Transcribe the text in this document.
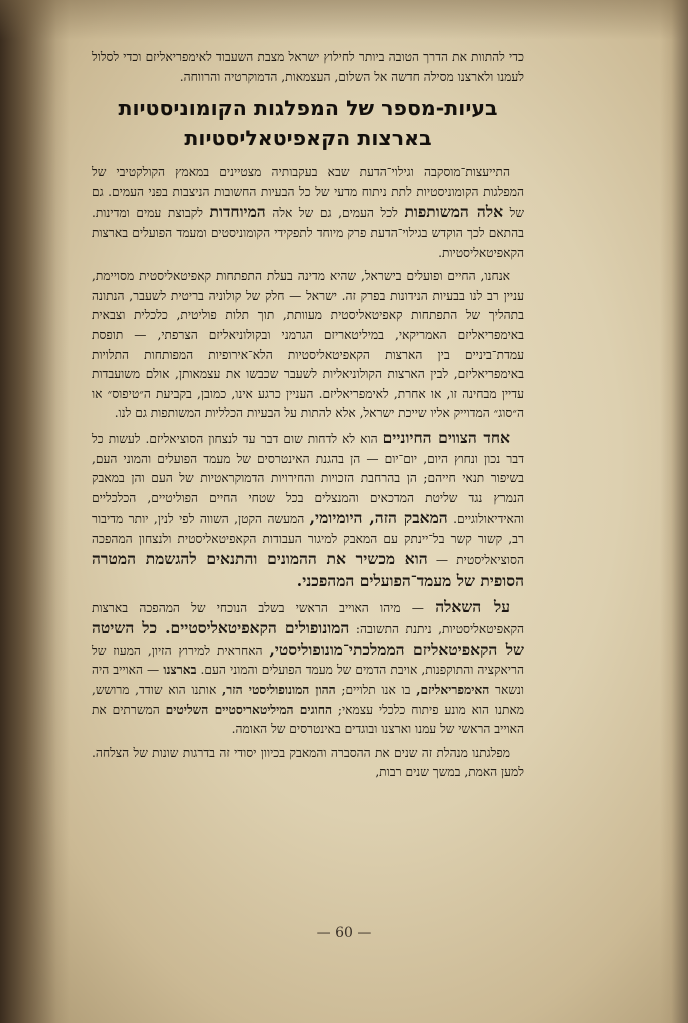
כדי להתוות את הדרך הטובה ביותר לחילוץ ישראל מצבת השעבוד לאימפריאליזם וכדי לסלול לעמנו ולארצנו מסילה חדשה אל השלום, העצמאות, הדמוקרטיה והרווחה.

בעיות-מספר של המפלגות הקומוניסטיות
בארצות הקאפיטאליסטיות

התייעצות־מוסקבה וגילוי־הדעת שבא בעקבותיה מצטיינים במאמץ הקולקטיבי של המפלגות הקומוניסטיות לתת ניתוח מדעי של כל הבעיות החשובות הניצבות בפני העמים. גם של אלה המשותפות לכל העמים, גם של אלה המיוחדות לקבוצת עמים ומדינות. בהתאם לכך הוקדש בגילוי־הדעת פרק מיוחד לתפקידי הקומוניסטים ומעמד הפועלים בארצות הקאפיטאליסטיות.

אנחנו, החיים ופועלים בישראל, שהיא מדינה בעלת התפתחות קאפיטאליסטית מסויימת, עניין רב לנו בבעיות הנידונות בפרק זה. ישראל — חלק של קולוניה בריטית לשעבר, הנתונה בתהליך של התפתחות קאפיטאליסטית מעוותת, תוך תלות פוליטית, כלכלית וצבאית באימפריאליזם האמריקאי, במיליטאריזם הגרמני ובקולוניאליזם הצרפתי, — תופסת עמדת־ביניים בין הארצות הקאפיטאליסטיות הלא־אירופיות המפותחות התלויות באימפריאליזם, לבין הארצות הקולוניאליות לשעבר שכבשו את עצמאותן, אולם משועבדות עדיין מבחינה זו, או אחרת, לאימפריאליזם. העניין כרגע אינו, כמובן, בקביעת ה״טיפוס״ או ה״סוג״ המדוייק אליו שייכת ישראל, אלא להתות על הבעיות הכלליות המשותפות גם לנו.

אחד הצווים החיוניים הוא לא לדחות שום דבר עד לנצחון הסוציאליזם. לעשות כל דבר נכון ונחוץ היום, יום־יום — הן בהגנת האינטרסים של מעמד הפועלים והמוני העם, בשיפור תנאי חייהם; הן בהרחבת הזכויות והחירויות הדמוקראטיות של העם והן במאבק הנמרץ נגד שליטת המדכאים והמנצלים בכל שטחי החיים הפוליטיים, הכלכליים והאידיאולוגיים. המאבק הזה, היומיומי, המעשה הקטן, השווה לפי לנין, יותר מדיבור רב, קשור קשר בל־יינתק עם המאבק למיגור העבודות הקאפיטאליסטית ולנצחון המהפכה הסוציאליסטית — הוא מכשיר את ההמונים והתנאים להגשמת המטרה הסופית של מעמד־הפועלים המהפכני.

על השאלה — מיהו האוייב הראשי בשלב הנוכחי של המהפכה בארצות הקאפיטאליסטיות, ניתנת התשובה: המונופולים הקאפיטאליסטיים. כל השיטה של הקאפיטאליזם הממלכתי־מונופוליסטי, האחראית למירוץ הזיון, המעוז של הריאקציה והתוקפנות, אויבת הדמים של מעמד הפועלים והמוני העם. בארצנו — האוייב היה ונשאר האימפריאליזם, בו אנו תלויים; ההון המונופוליסטי הזר, אותנו הוא שודד, מרושש, מאתנו הוא מונע פיתוח כלכלי עצמאי; החוגים המיליטאריסטיים השליטים המשרתים את האוייב הראשי של עמנו וארצנו ובוגדים באינטרסים של האומה.

מפלגתנו מנהלת זה שנים את ההסברה והמאבק בכיוון יסודי זה בדרגות שונות של הצלחה. למען האמת, במשך שנים רבות,

— 60 —
